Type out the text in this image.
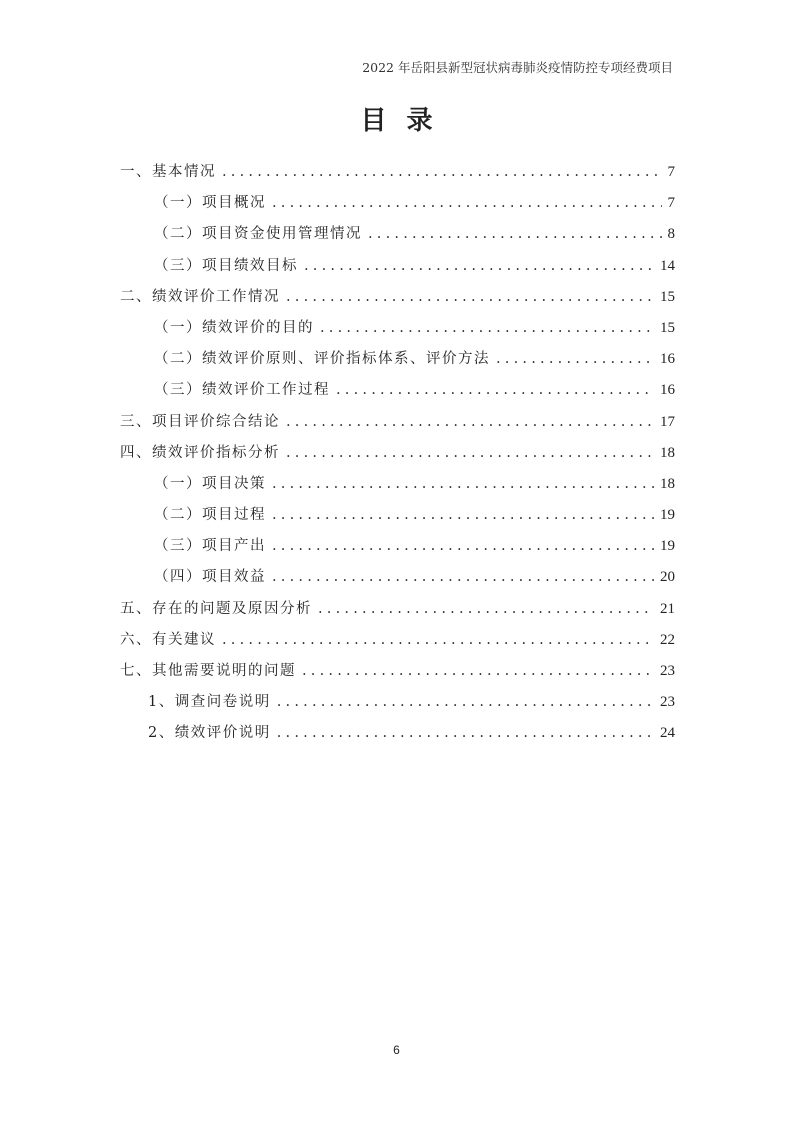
2022 年岳阳县新型冠状病毒肺炎疫情防控专项经费项目
目录
一、基本情况 .....	7
（一）项目概况 .....	7
（二）项目资金使用管理情况 .....	8
（三）项目绩效目标 .....	14
二、绩效评价工作情况 .....	15
（一）绩效评价的目的 .....	15
（二）绩效评价原则、评价指标体系、评价方法 .....	16
（三）绩效评价工作过程 .....	16
三、项目评价综合结论 .....	17
四、绩效评价指标分析 .....	18
（一）项目决策 .....	18
（二）项目过程 .....	19
（三）项目产出 .....	19
（四）项目效益 .....	20
五、存在的问题及原因分析 .....	21
六、有关建议 .....	22
七、其他需要说明的问题 .....	23
1、调查问卷说明 .....	23
2、绩效评价说明 .....	24
6
